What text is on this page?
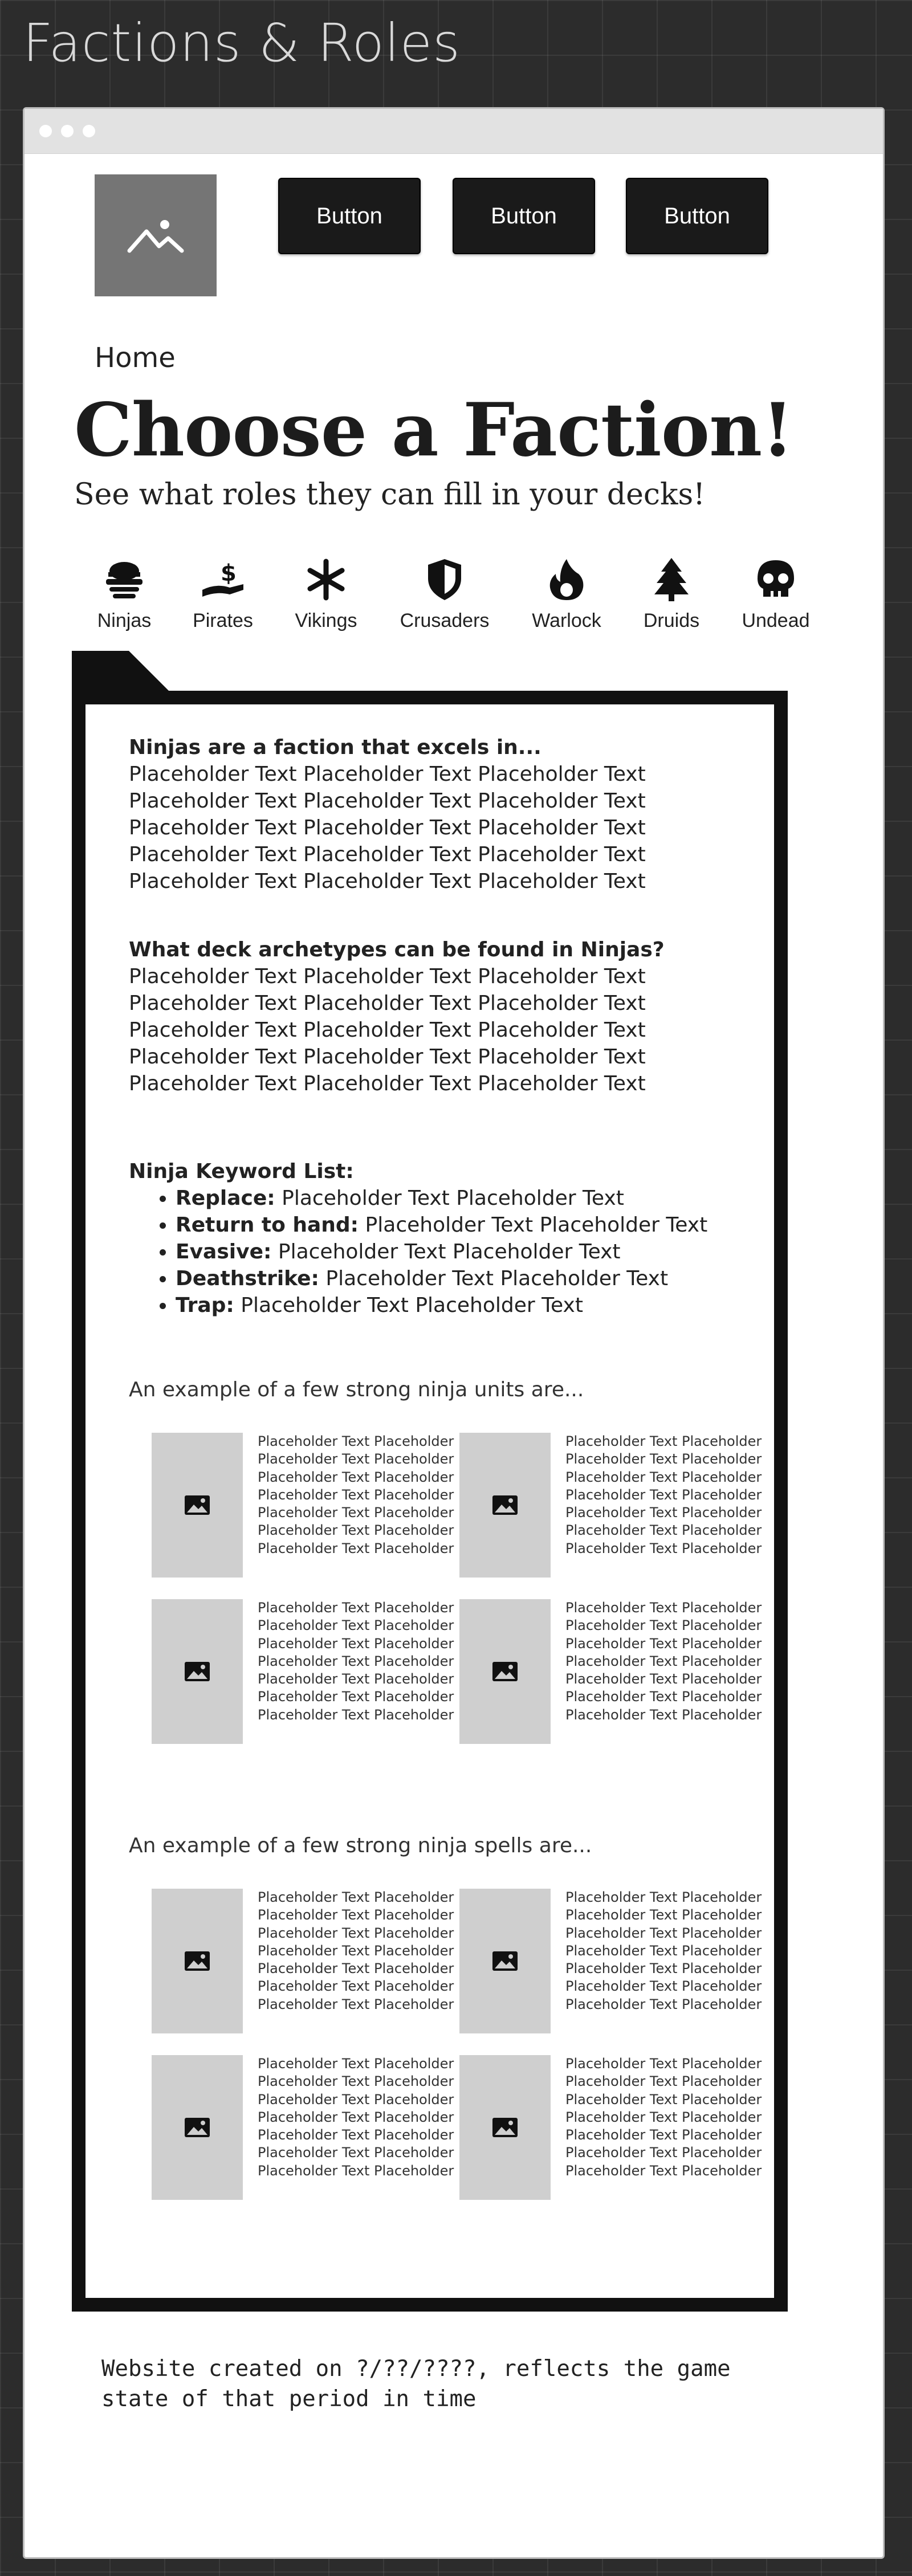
Factions & Roles
Home
Button	Button	Button
Choose a Faction!
See what roles they can fill in your decks!
Ninjas
$
Pirates	Vikings	Crusaders	Warlock	Druids	Undead
Ninjas are a faction that excels in...
Placeholder Text Placeholder Text Placeholder Text
Placeholder Text Placeholder Text Placeholder Text
Placeholder Text Placeholder Text Placeholder Text
Placeholder Text Placeholder Text Placeholder Text
Placeholder Text Placeholder Text Placeholder Text
What deck archetypes can be found in Ninjas?
Placeholder Text Placeholder Text Placeholder Text
Placeholder Text Placeholder Text Placeholder Text
Placeholder Text Placeholder Text Placeholder Text
Placeholder Text Placeholder Text Placeholder Text
Placeholder Text Placeholder Text Placeholder Text
Ninja Keyword List:
• Replace: Placeholder Text Placeholder Text
• Return to hand: Placeholder Text Placeholder Text
• Evasive: Placeholder Text Placeholder Text
• Deathstrike: Placeholder Text Placeholder Text
• Trap: Placeholder Text Placeholder Text
An example of a few strong ninja units are...
Placeholder Text Placeholder Placeholder Text Placeholder Placeholder Text Placeholder Placeholder Text Placeholder Placeholder Text Placeholder Placeholder Text Placeholder Placeholder Text Placeholder
Placeholder Text Placeholder Placeholder Text Placeholder Placeholder Text Placeholder Placeholder Text Placeholder Placeholder Text Placeholder Placeholder Text Placeholder Placeholder Text Placeholder
Placeholder Text Placeholder Placeholder Text Placeholder Placeholder Text Placeholder Placeholder Text Placeholder Placeholder Text Placeholder Placeholder Text Placeholder Placeholder Text Placeholder
Placeholder Text Placeholder Placeholder Text Placeholder Placeholder Text Placeholder Placeholder Text Placeholder Placeholder Text Placeholder Placeholder Text Placeholder Placeholder Text Placeholder
An example of a few strong ninja spells are...
Placeholder Text Placeholder Placeholder Text Placeholder Placeholder Text Placeholder Placeholder Text Placeholder Placeholder Text Placeholder Placeholder Text Placeholder Placeholder Text Placeholder
Placeholder Text Placeholder Placeholder Text Placeholder Placeholder Text Placeholder Placeholder Text Placeholder Placeholder Text Placeholder Placeholder Text Placeholder Placeholder Text Placeholder
Placeholder Text Placeholder Placeholder Text Placeholder Placeholder Text Placeholder Placeholder Text Placeholder Placeholder Text Placeholder Placeholder Text Placeholder Placeholder Text Placeholder
Placeholder Text Placeholder Placeholder Text Placeholder Placeholder Text Placeholder Placeholder Text Placeholder Placeholder Text Placeholder Placeholder Text Placeholder Placeholder Text Placeholder
Website created on ?/??/????, reflects the game state of that period in time
